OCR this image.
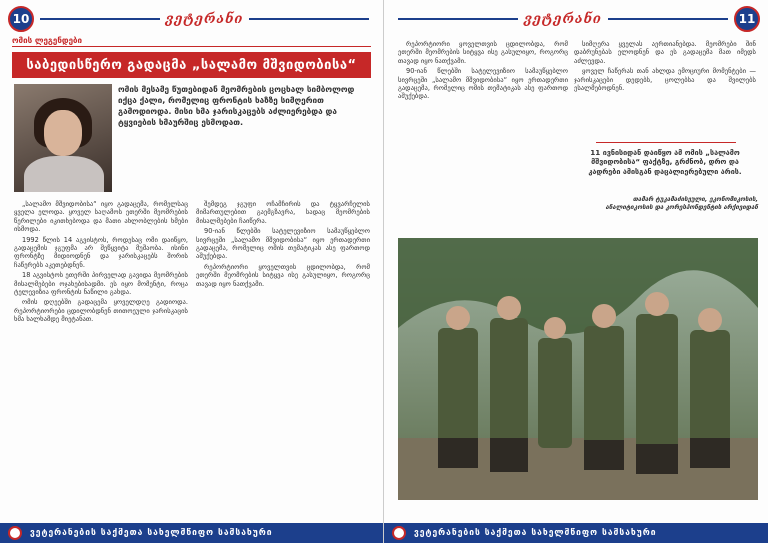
10	ვეტერანი
ომის ლეგენდები
საბედისწერო გადაცმა „სალამო მშვიდობისა“
ომის მესამე წუთებიდან მეომრების ცოცხალ სიმბოლოდ იქცა ქალი, რომელიც ფრონტის ხაზზე სიმღერით გამოდიოდა. მისი ხმა ჯარისკაცებს აძლიერებდა და ტყვიების ხმაურშიც ესმოდათ.

„სალამო მშვიდობისა“ იყო გადაცემა, რომელსაც ყველა ელოდა. ყოველ საღამოს ეთერში მეომრების წერილები იკითხებოდა და მათი ახლობლების ხმები ისმოდა.

1992 წლის 14 აგვისტოს, როდესაც ომი დაიწყო, გადაცემის ჯგუფმა არ შეწყვიტა მუშაობა. ისინი ფრონტზე მიდიოდნენ და ჯარისკაცებს შორის ჩაწერებს აკეთებდნენ.

18 აგვისტოს ეთერში პირველად გავიდა მეომრების მისალმებები ოჯახებისადმი. ეს იყო მომენტი, როცა ტელევიზია ფრონტის ნაწილი გახდა.

ომის დღეებში გადაცემა ყოველდღე გადიოდა. რეპორტიორები ცდილობდნენ თითოეული ჯარისკაცის ხმა ხალხამდე მიეტანათ.

შემდეგ ჯგუფი ოჩამჩირის და ტყვარჩელის მიმართულებით გაემგზავრა, სადაც მეომრების მისალმებები ჩაიწერა.

90-იან წლებში სატელევიზიო სამაუწყებლო სივრცეში „სალამო მშვიდობისა“ იყო ერთადერთი გადაცემა, რომელიც ომის თემატიკას ასე ფართოდ აშუქებდა.

რეპორტიორი ყოველთვის ცდილობდა, რომ ეთერში მეომრების სიტყვა ისე გასულიყო, როგორც თავად იყო ნათქვამი.

ვეტერანების საქმეთა სახელმწიფო სამსახური
ვეტერანი	11

რეპორტიორი ყოველთვის ცდილობდა, რომ ეთერში მეომრების სიტყვა ისე გასულიყო, როგორც თავად იყო ნათქვამი.

90-იან წლებში სატელევიზიო სამაუწყებლო სივრცეში „სალამო მშვიდობისა“ იყო ერთადერთი გადაცემა, რომელიც ომის თემატიკას ასე ფართოდ აშუქებდა.

სიმღერა ყველას აერთიანებდა. მეომრები შინ დაბრუნებას ელოდნენ და ეს გადაცემა მათ იმედს აძლევდა.

ყოველ ჩაწერას თან ახლდა ემოციური მომენტები — ჯარისკაცები დედებს, ცოლებსა და შვილებს ესალმებოდნენ.

11 ივნისიდან დაიწყო ამ ომის „სალამო მშვიდობისა“ ფაქტზე, გრძნობ, დრო და კადრები ამისგან დაცალიერებული არის.
თამარ ტუკამაძისეული, ეკონომიკოსის, ანალიტიკოსის და კორესპონდენტის არქივიდან
ვეტერანების საქმეთა სახელმწიფო სამსახური
